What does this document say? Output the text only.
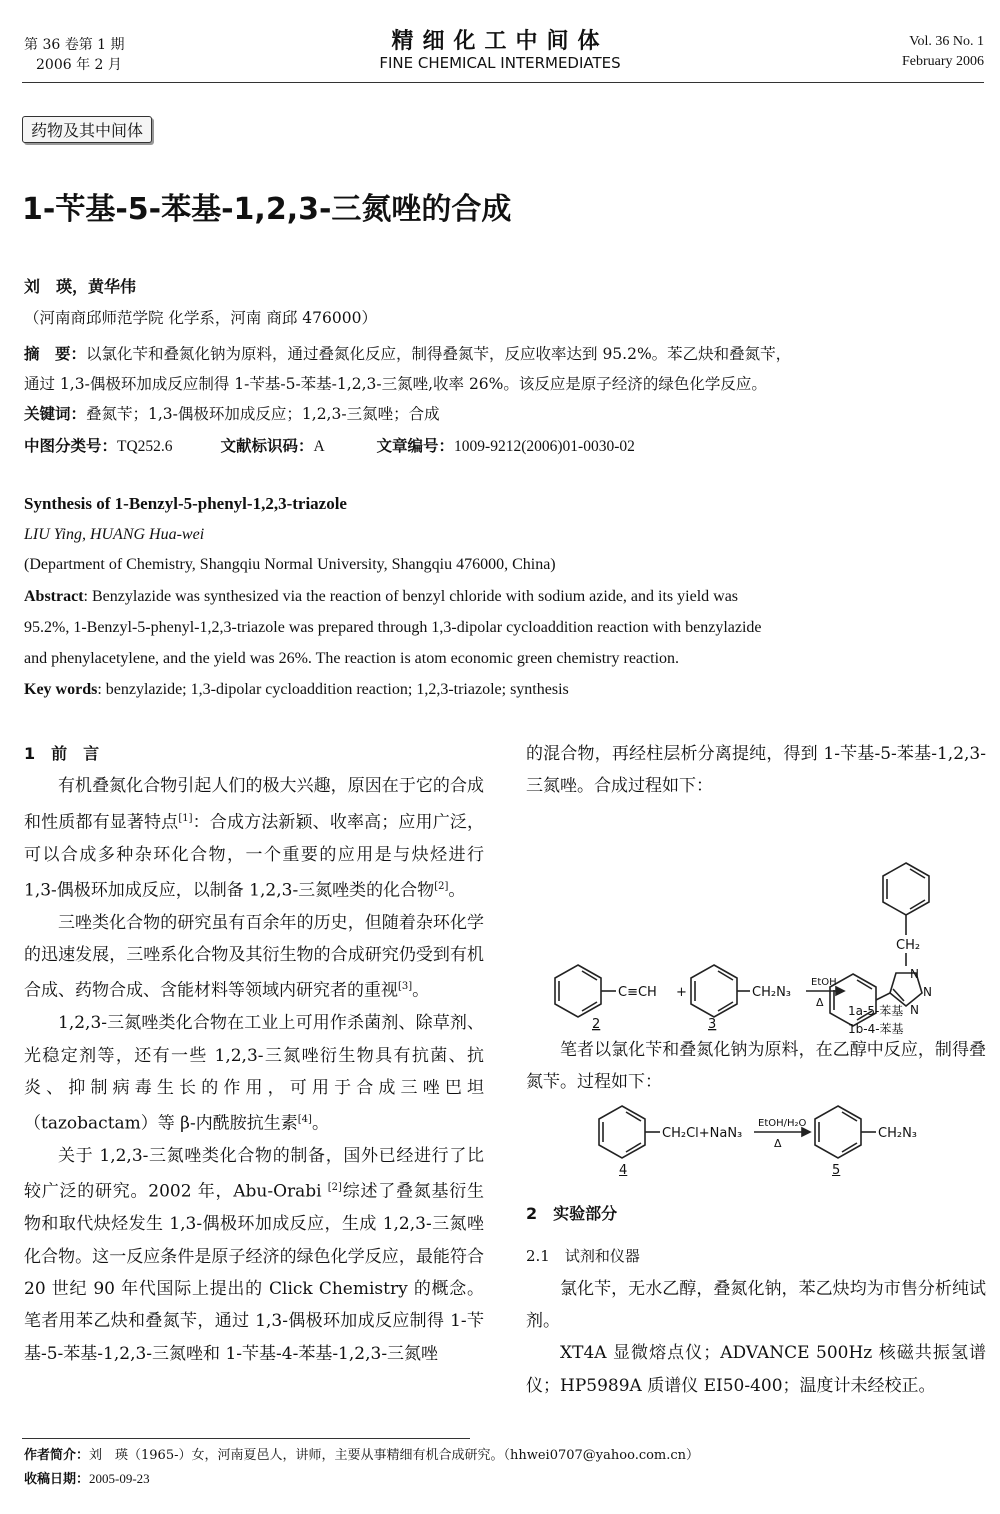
第 36 卷第 1 期
2006 年 2 月
精细化工中间体
FINE CHEMICAL INTERMEDIATES
Vol. 36 No. 1
February 2006
药物及其中间体
1-苄基-5-苯基-1,2,3-三氮唑的合成
刘　瑛，黄华伟
（河南商邱师范学院 化学系，河南 商邱 476000）
摘　要：以氯化苄和叠氮化钠为原料，通过叠氮化反应，制得叠氮苄，反应收率达到 95.2%。苯乙炔和叠氮苄，
通过 1,3-偶极环加成反应制得 1-苄基-5-苯基-1,2,3-三氮唑,收率 26%。该反应是原子经济的绿色化学反应。
关键词：叠氮苄；1,3-偶极环加成反应；1,2,3-三氮唑；合成
中图分类号：TQ252.6	文献标识码：A	文章编号：1009-9212(2006)01-0030-02
Synthesis of 1-Benzyl-5-phenyl-1,2,3-triazole
LIU Ying, HUANG Hua-wei
(Department of Chemistry, Shangqiu Normal University, Shangqiu 476000, China)
Abstract: Benzylazide was synthesized via the reaction of benzyl chloride with sodium azide, and its yield was
95.2%, 1-Benzyl-5-phenyl-1,2,3-triazole was prepared through 1,3-dipolar cycloaddition reaction with benzylazide
and phenylacetylene, and the yield was 26%. The reaction is atom economic green chemistry reaction.
Key words: benzylazide; 1,3-dipolar cycloaddition reaction; 1,2,3-triazole; synthesis

1　前　言

有机叠氮化合物引起人们的极大兴趣，原因在于它的合成和性质都有显著特点[1]：合成方法新颖、收率高；应用广泛，可以合成多种杂环化合物，一个重要的应用是与炔烃进行 1,3-偶极环加成反应，以制备 1,2,3-三氮唑类的化合物[2]。

三唑类化合物的研究虽有百余年的历史，但随着杂环化学的迅速发展，三唑系化合物及其衍生物的合成研究仍受到有机合成、药物合成、含能材料等领域内研究者的重视[3]。

1,2,3-三氮唑类化合物在工业上可用作杀菌剂、除草剂、光稳定剂等，还有一些 1,2,3-三氮唑衍生物具有抗菌、抗炎、抑制病毒生长的作用，可用于合成三唑巴坦（tazobactam）等 β-内酰胺抗生素[4]。

关于 1,2,3-三氮唑类化合物的制备，国外已经进行了比较广泛的研究。2002 年，Abu-Orabi [2]综述了叠氮基衍生物和取代炔烃发生 1,3-偶极环加成反应，生成 1,2,3-三氮唑化合物。这一反应条件是原子经济的绿色化学反应，最能符合 20 世纪 90 年代国际上提出的 Click Chemistry 的概念。笔者用苯乙炔和叠氮苄，通过 1,3-偶极环加成反应制得 1-苄基-5-苯基-1,2,3-三氮唑和 1-苄基-4-苯基-1,2,3-三氮唑

的混合物，再经柱层析分离提纯，得到 1-苄基-5-苯基-1,2,3-三氮唑。合成过程如下：

C≡CH +	CH₂N₃
EtOH
Δ
CH₂
N
N
N
2	3
1a-5-苯基
1b-4-苯基

笔者以氯化苄和叠氮化钠为原料，在乙醇中反应，制得叠氮苄。过程如下：

CH₂Cl+NaN₃
EtOH/H₂O
Δ
CH₂N₃
4	5

2　实验部分

2.1　试剂和仪器

氯化苄，无水乙醇，叠氮化钠，苯乙炔均为市售分析纯试剂。

XT4A 显微熔点仪；ADVANCE 500Hz 核磁共振氢谱仪；HP5989A 质谱仪 EI50-400；温度计未经校正。

作者简介：刘　瑛（1965-）女，河南夏邑人，讲师，主要从事精细有机合成研究。（hhwei0707@yahoo.com.cn）
收稿日期：2005-09-23
